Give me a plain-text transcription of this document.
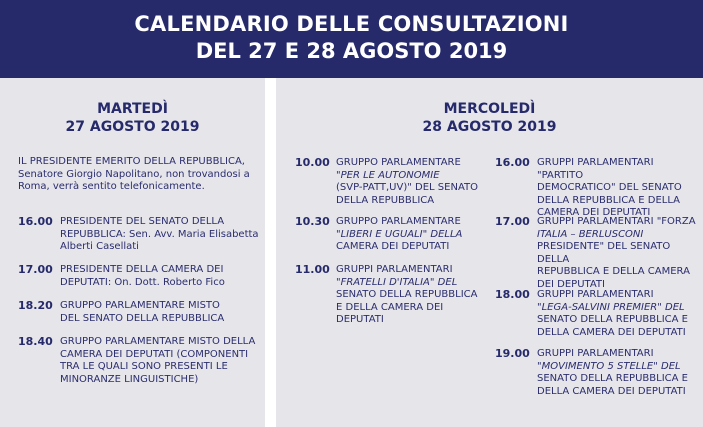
CALENDARIO DELLE CONSULTAZIONI
DEL 27 E 28 AGOSTO 2019
MARTEDÌ
27 AGOSTO 2019
IL PRESIDENTE EMERITO DELLA REPUBBLICA,
Senatore Giorgio Napolitano, non trovandosi a
Roma, verrà sentito telefonicamente.
16.00 PRESIDENTE DEL SENATO DELLA
REPUBBLICA: Sen. Avv. Maria Elisabetta
Alberti Casellati
17.00 PRESIDENTE DELLA CAMERA DEI
DEPUTATI: On. Dott. Roberto Fico
18.20 GRUPPO PARLAMENTARE MISTO
DEL SENATO DELLA REPUBBLICA
18.40 GRUPPO PARLAMENTARE MISTO DELLA
CAMERA DEI DEPUTATI (COMPONENTI
TRA LE QUALI SONO PRESENTI LE
MINORANZE LINGUISTICHE)
MERCOLEDÌ
28 AGOSTO 2019
10.00 GRUPPO PARLAMENTARE
"PER LE AUTONOMIE
(SVP-PATT,UV)" DEL SENATO
DELLA REPUBBLICA
10.30 GRUPPO PARLAMENTARE
"LIBERI E UGUALI" DELLA
CAMERA DEI DEPUTATI
11.00 GRUPPI PARLAMENTARI
"FRATELLI D'ITALIA" DEL
SENATO DELLA REPUBBLICA
E DELLA CAMERA DEI
DEPUTATI
16.00 GRUPPI PARLAMENTARI "PARTITO
DEMOCRATICO" DEL SENATO
DELLA REPUBBLICA E DELLA
CAMERA DEI DEPUTATI
17.00 GRUPPI PARLAMENTARI "FORZA
ITALIA – BERLUSCONI
PRESIDENTE" DEL SENATO DELLA
REPUBBLICA E DELLA CAMERA
DEI DEPUTATI
18.00 GRUPPI PARLAMENTARI
"LEGA-SALVINI PREMIER" DEL
SENATO DELLA REPUBBLICA E
DELLA CAMERA DEI DEPUTATI
19.00 GRUPPI PARLAMENTARI
"MOVIMENTO 5 STELLE" DEL
SENATO DELLA REPUBBLICA E
DELLA CAMERA DEI DEPUTATI
